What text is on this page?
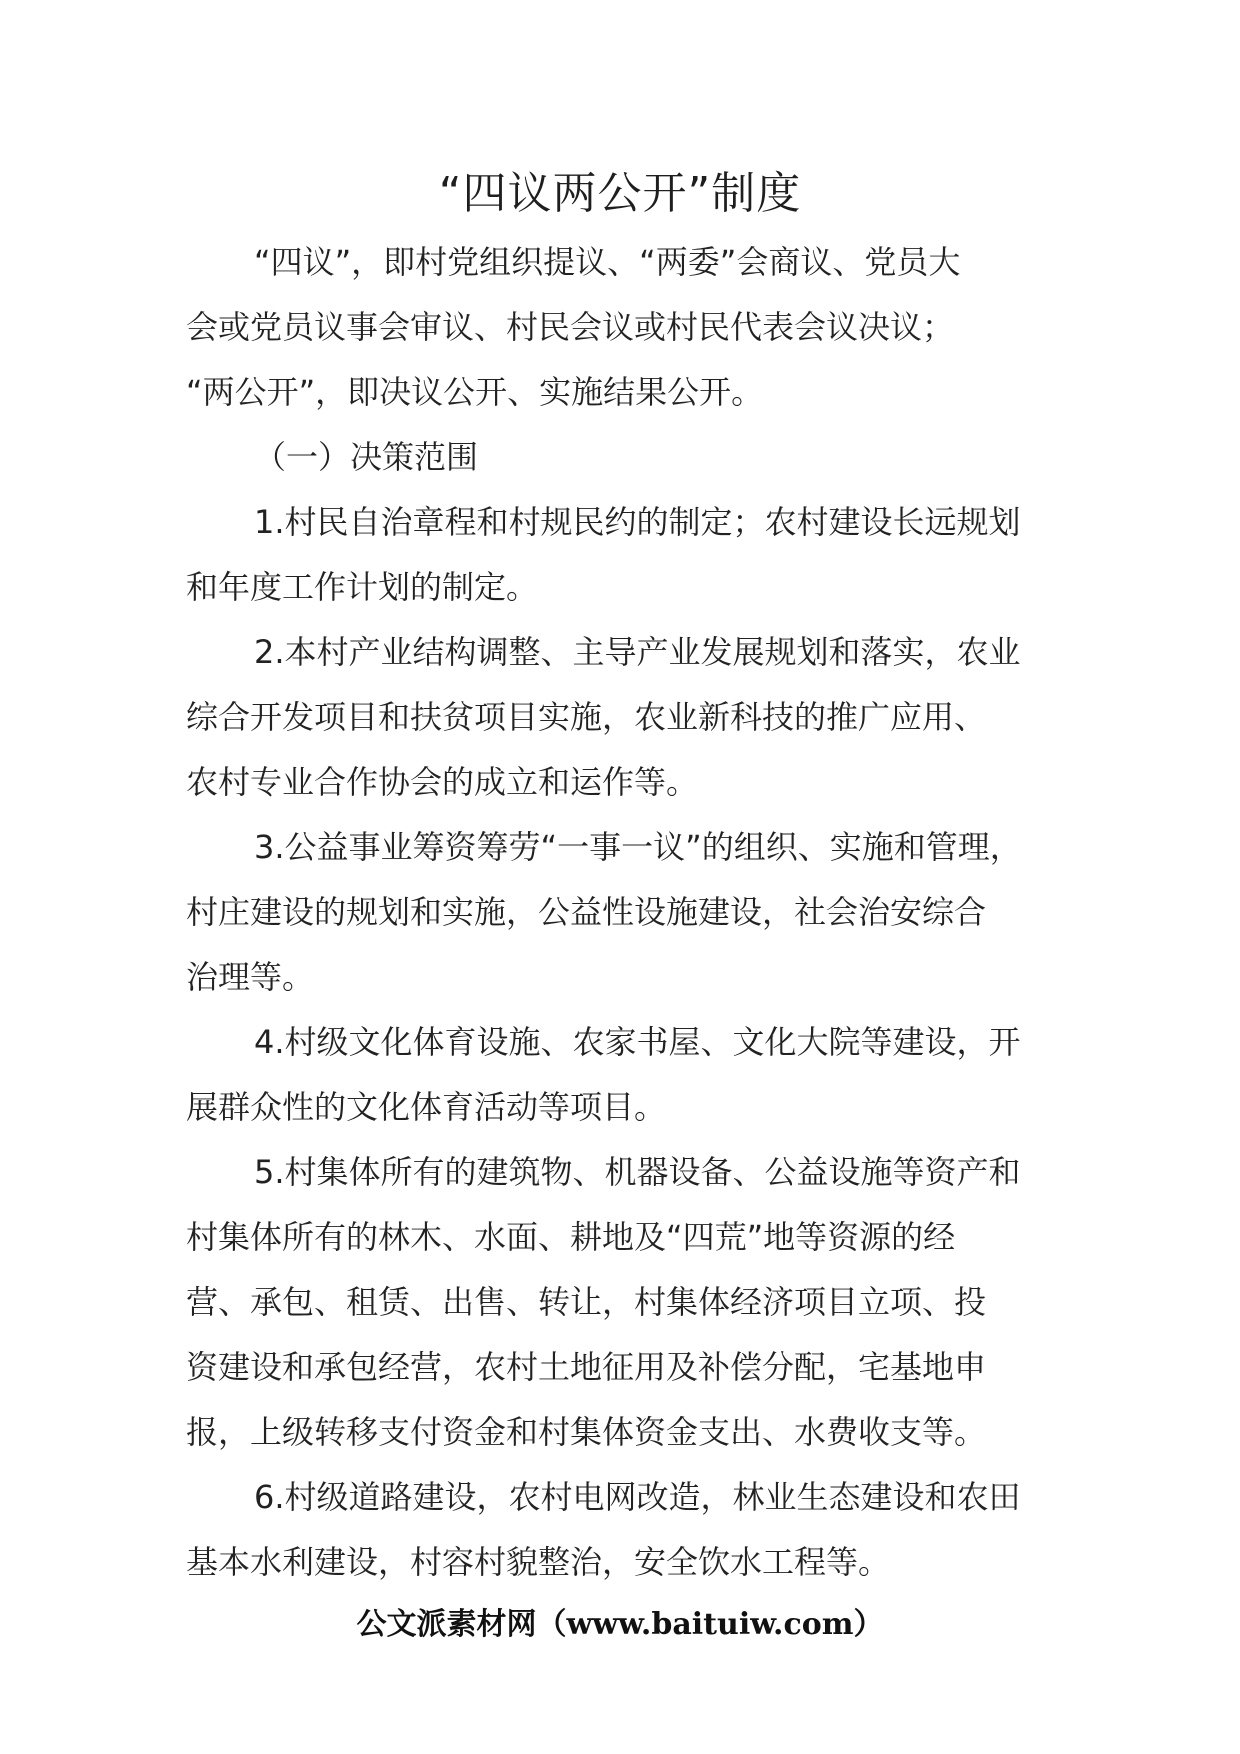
“四议两公开”制度
“四议”，即村党组织提议、“两委”会商议、党员大
会或党员议事会审议、村民会议或村民代表会议决议；
“两公开”，即决议公开、实施结果公开。
（一）决策范围
1.村民自治章程和村规民约的制定；农村建设长远规划
和年度工作计划的制定。
2.本村产业结构调整、主导产业发展规划和落实，农业
综合开发项目和扶贫项目实施，农业新科技的推广应用、
农村专业合作协会的成立和运作等。
3.公益事业筹资筹劳“一事一议”的组织、实施和管理，
村庄建设的规划和实施，公益性设施建设，社会治安综合
治理等。
4.村级文化体育设施、农家书屋、文化大院等建设，开
展群众性的文化体育活动等项目。
5.村集体所有的建筑物、机器设备、公益设施等资产和
村集体所有的林木、水面、耕地及“四荒”地等资源的经
营、承包、租赁、出售、转让，村集体经济项目立项、投
资建设和承包经营，农村土地征用及补偿分配，宅基地申
报，上级转移支付资金和村集体资金支出、水费收支等。
6.村级道路建设，农村电网改造，林业生态建设和农田
基本水利建设，村容村貌整治，安全饮水工程等。
公文派素材网（www.baituiw.com）
